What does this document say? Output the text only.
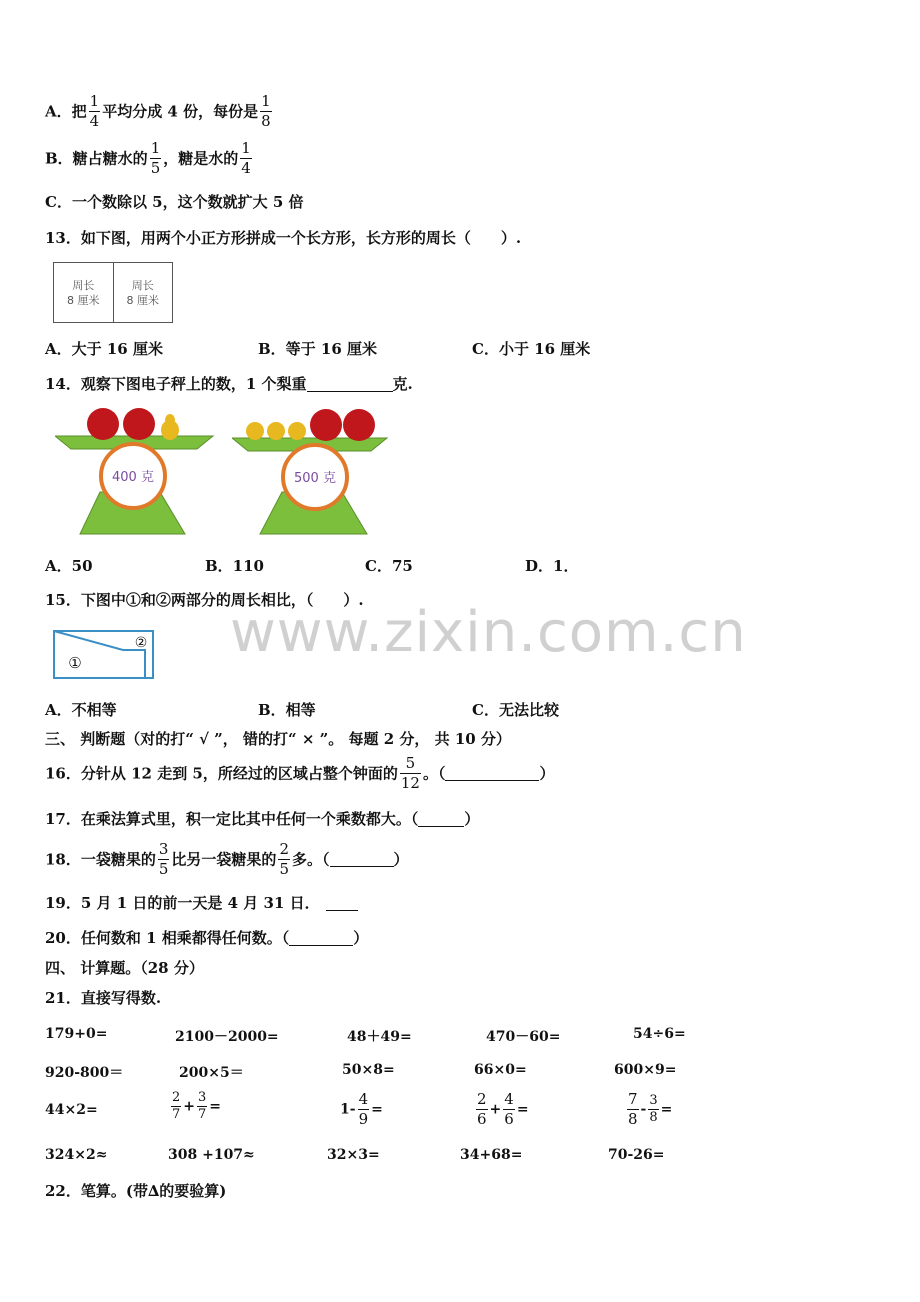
A．把 $\frac{1}{4}$ 平均分成 4 份，每份是 $\frac{1}{8}$
B．糖占糖水的 $\frac{1}{5}$ ，糖是水的 $\frac{1}{4}$
C．一个数除以 5，这个数就扩大 5 倍
13．如下图，用两个小正方形拼成一个长方形，长方形的周长（　　）.
周长
8 厘米
周长
8 厘米
A．大于 16 厘米	B．等于 16 厘米	C．小于 16 厘米
14．观察下图电子秤上的数，1 个梨重	克.
400 克	500 克
A．50	B．110	C．75	D．1．
15．下图中①和②两部分的周长相比，（　　）.
①
②
A．不相等	B．相等	C．无法比较
三、 判断题（对的打“ √ ”， 错的打“ × ”。 每题 2 分， 共 10 分）
16．分针从 12 走到 5，所经过的区域占整个钟面的 $\frac{5}{12}$ 。（	）
17．在乘法算式里，积一定比其中任何一个乘数都大。（	）
18．一袋糖果的 $\frac{3}{5}$ 比另一袋糖果的 $\frac{2}{5}$ 多。（	）
19．5 月 1 日的前一天是 4 月 31 日．
20．任何数和 1 相乘都得任何数。（	）
四、 计算题。（28 分）
21．直接写得数.
179+0=	2100－2000=	48＋49=	470－60=	54÷6=
920-800＝	200×5＝	50×8=	66×0=	600×9=
44×2=	$\frac{2}{7} + \frac{3}{7}$ =	$1- \frac{4}{9}$ =	$\frac{2}{6} + \frac{4}{6}$ =	$\frac{7}{8} - \frac{3}{8}$ =
324×2≈	308 +107≈	32×3=	34+68=	70-26=
22．笔算。(带∆的要验算)
www.zixin.com.cn
